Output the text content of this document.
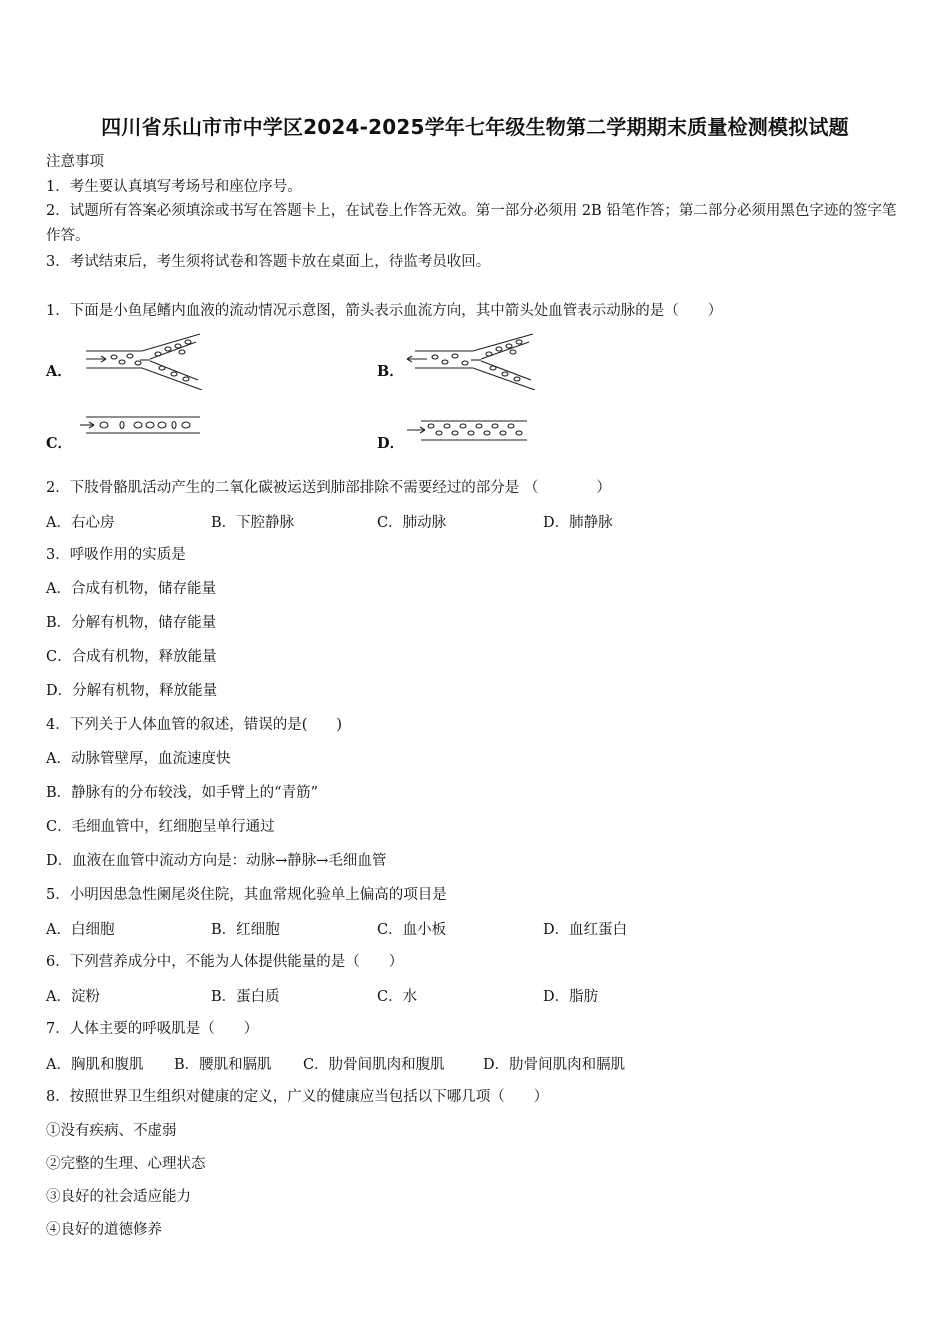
四川省乐山市市中学区2024-2025学年七年级生物第二学期期末质量检测模拟试题
注意事项
1．考生要认真填写考场号和座位序号。
2．试题所有答案必须填涂或书写在答题卡上，在试卷上作答无效。第一部分必须用 2B 铅笔作答；第二部分必须用黑色字迹的签字笔作答。
3．考试结束后，考生须将试卷和答题卡放在桌面上，待监考员收回。
1．下面是小鱼尾鳍内血液的流动情况示意图，箭头表示血流方向，其中箭头处血管表示动脉的是（　　）
A．	B．
C．	D．
2．下肢骨骼肌活动产生的二氧化碳被运送到肺部排除不需要经过的部分是 （　　　　）
A．右心房	B．下腔静脉	C．肺动脉	D．肺静脉
3．呼吸作用的实质是
A．合成有机物，储存能量
B．分解有机物，储存能量
C．合成有机物，释放能量
D．分解有机物，释放能量
4．下列关于人体血管的叙述，错误的是(　　)
A．动脉管壁厚，血流速度快
B．静脉有的分布较浅，如手臂上的“青筋”
C．毛细血管中，红细胞呈单行通过
D．血液在血管中流动方向是：动脉→静脉→毛细血管
5．小明因患急性阑尾炎住院，其血常规化验单上偏高的项目是
A．白细胞	B．红细胞	C．血小板	D．血红蛋白
6．下列营养成分中，不能为人体提供能量的是（　　）
A．淀粉	B．蛋白质	C．水	D．脂肪
7．人体主要的呼吸肌是（　　）
A．胸肌和腹肌 B．腰肌和膈肌 C．肋骨间肌肉和腹肌	D．肋骨间肌肉和膈肌
8．按照世界卫生组织对健康的定义，广义的健康应当包括以下哪几项（　　）
①没有疾病、不虚弱
②完整的生理、心理状态
③良好的社会适应能力
④良好的道德修养
